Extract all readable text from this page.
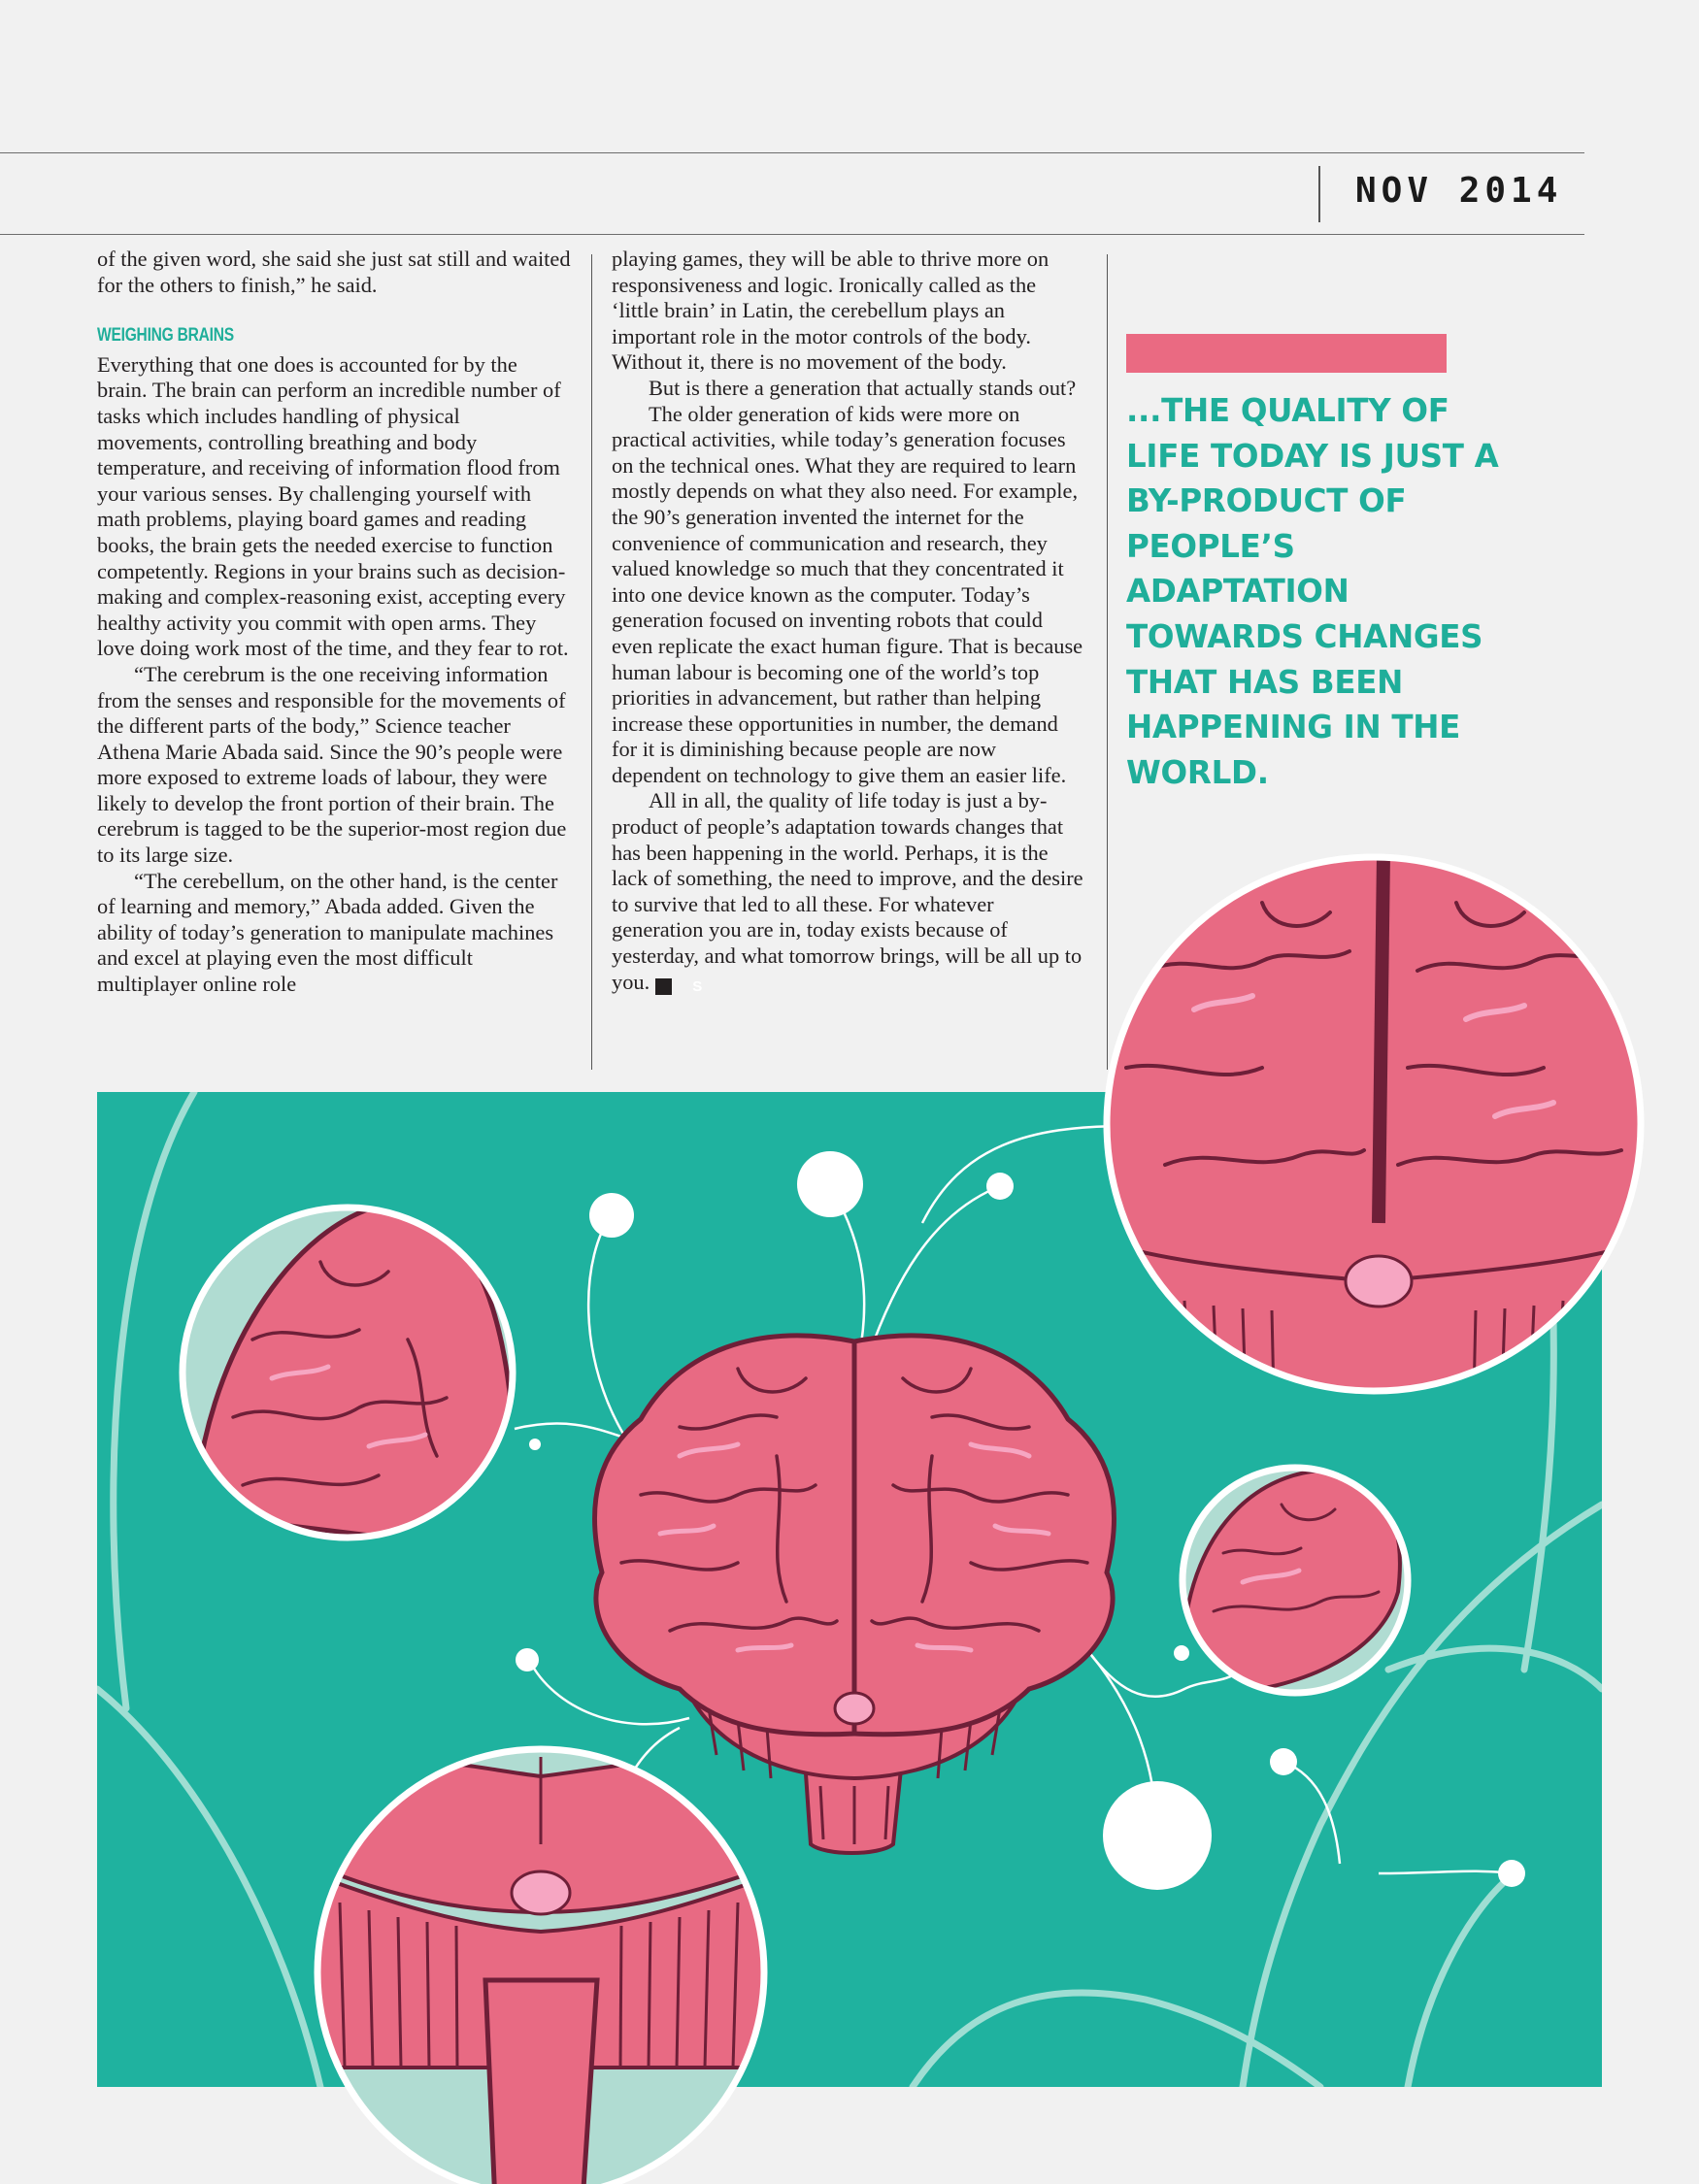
NOV 2014

of the given word, she said she just sat still and waited for the others to finish,” he said.

WEIGHING BRAINS

Everything that one does is accounted for by the brain. The brain can perform an incredible number of tasks which includes handling of physical movements, controlling breathing and body temperature, and receiving of information flood from your various senses. By challenging yourself with math problems, playing board games and reading books, the brain gets the needed exercise to function competently. Regions in your brains such as decision-making and complex-reasoning exist, accepting every healthy activity you commit with open arms. They love doing work most of the time, and they fear to rot.

“The cerebrum is the one receiving information from the senses and responsible for the movements of the different parts of the body,” Science teacher Athena Marie Abada said. Since the 90’s people were more exposed to extreme loads of labour, they were likely to develop the front portion of their brain. The cerebrum is tagged to be the superior-most region due to its large size.

“The cerebellum, on the other hand, is the center of learning and memory,” Abada added. Given the ability of today’s generation to manipulate machines and excel at playing even the most difficult multiplayer online role

playing games, they will be able to thrive more on responsiveness and logic. Ironically called as the ‘little brain’ in Latin, the cerebellum plays an important role in the motor controls of the body. Without it, there is no movement of the body.

But is there a generation that actually stands out?

The older generation of kids were more on practical activities, while today’s generation focuses on the technical ones. What they are required to learn mostly depends on what they also need. For example, the 90’s generation invented the internet for the convenience of communication and research, they valued knowledge so much that they concentrated it into one device known as the computer. Today’s generation focused on inventing robots that could even replicate the exact human figure. That is because human labour is becoming one of the world’s top priorities in advancement, but rather than helping increase these opportunities in number, the demand for it is diminishing because people are now dependent on technology to give them an easier life.

All in all, the quality of life today is just a by-product of people’s adaptation towards changes that has been happening in the world. Perhaps, it is the lack of something, the need to improve, and the desire to survive that led to all these. For whatever generation you are in, today exists because of yesterday, and what tomorrow brings, will be all up to you.	S

...THE QUALITY OF LIFE TODAY IS JUST A BY-PRODUCT OF PEOPLE’S ADAPTATION TOWARDS CHANGES THAT HAS BEEN HAPPENING IN THE WORLD.
